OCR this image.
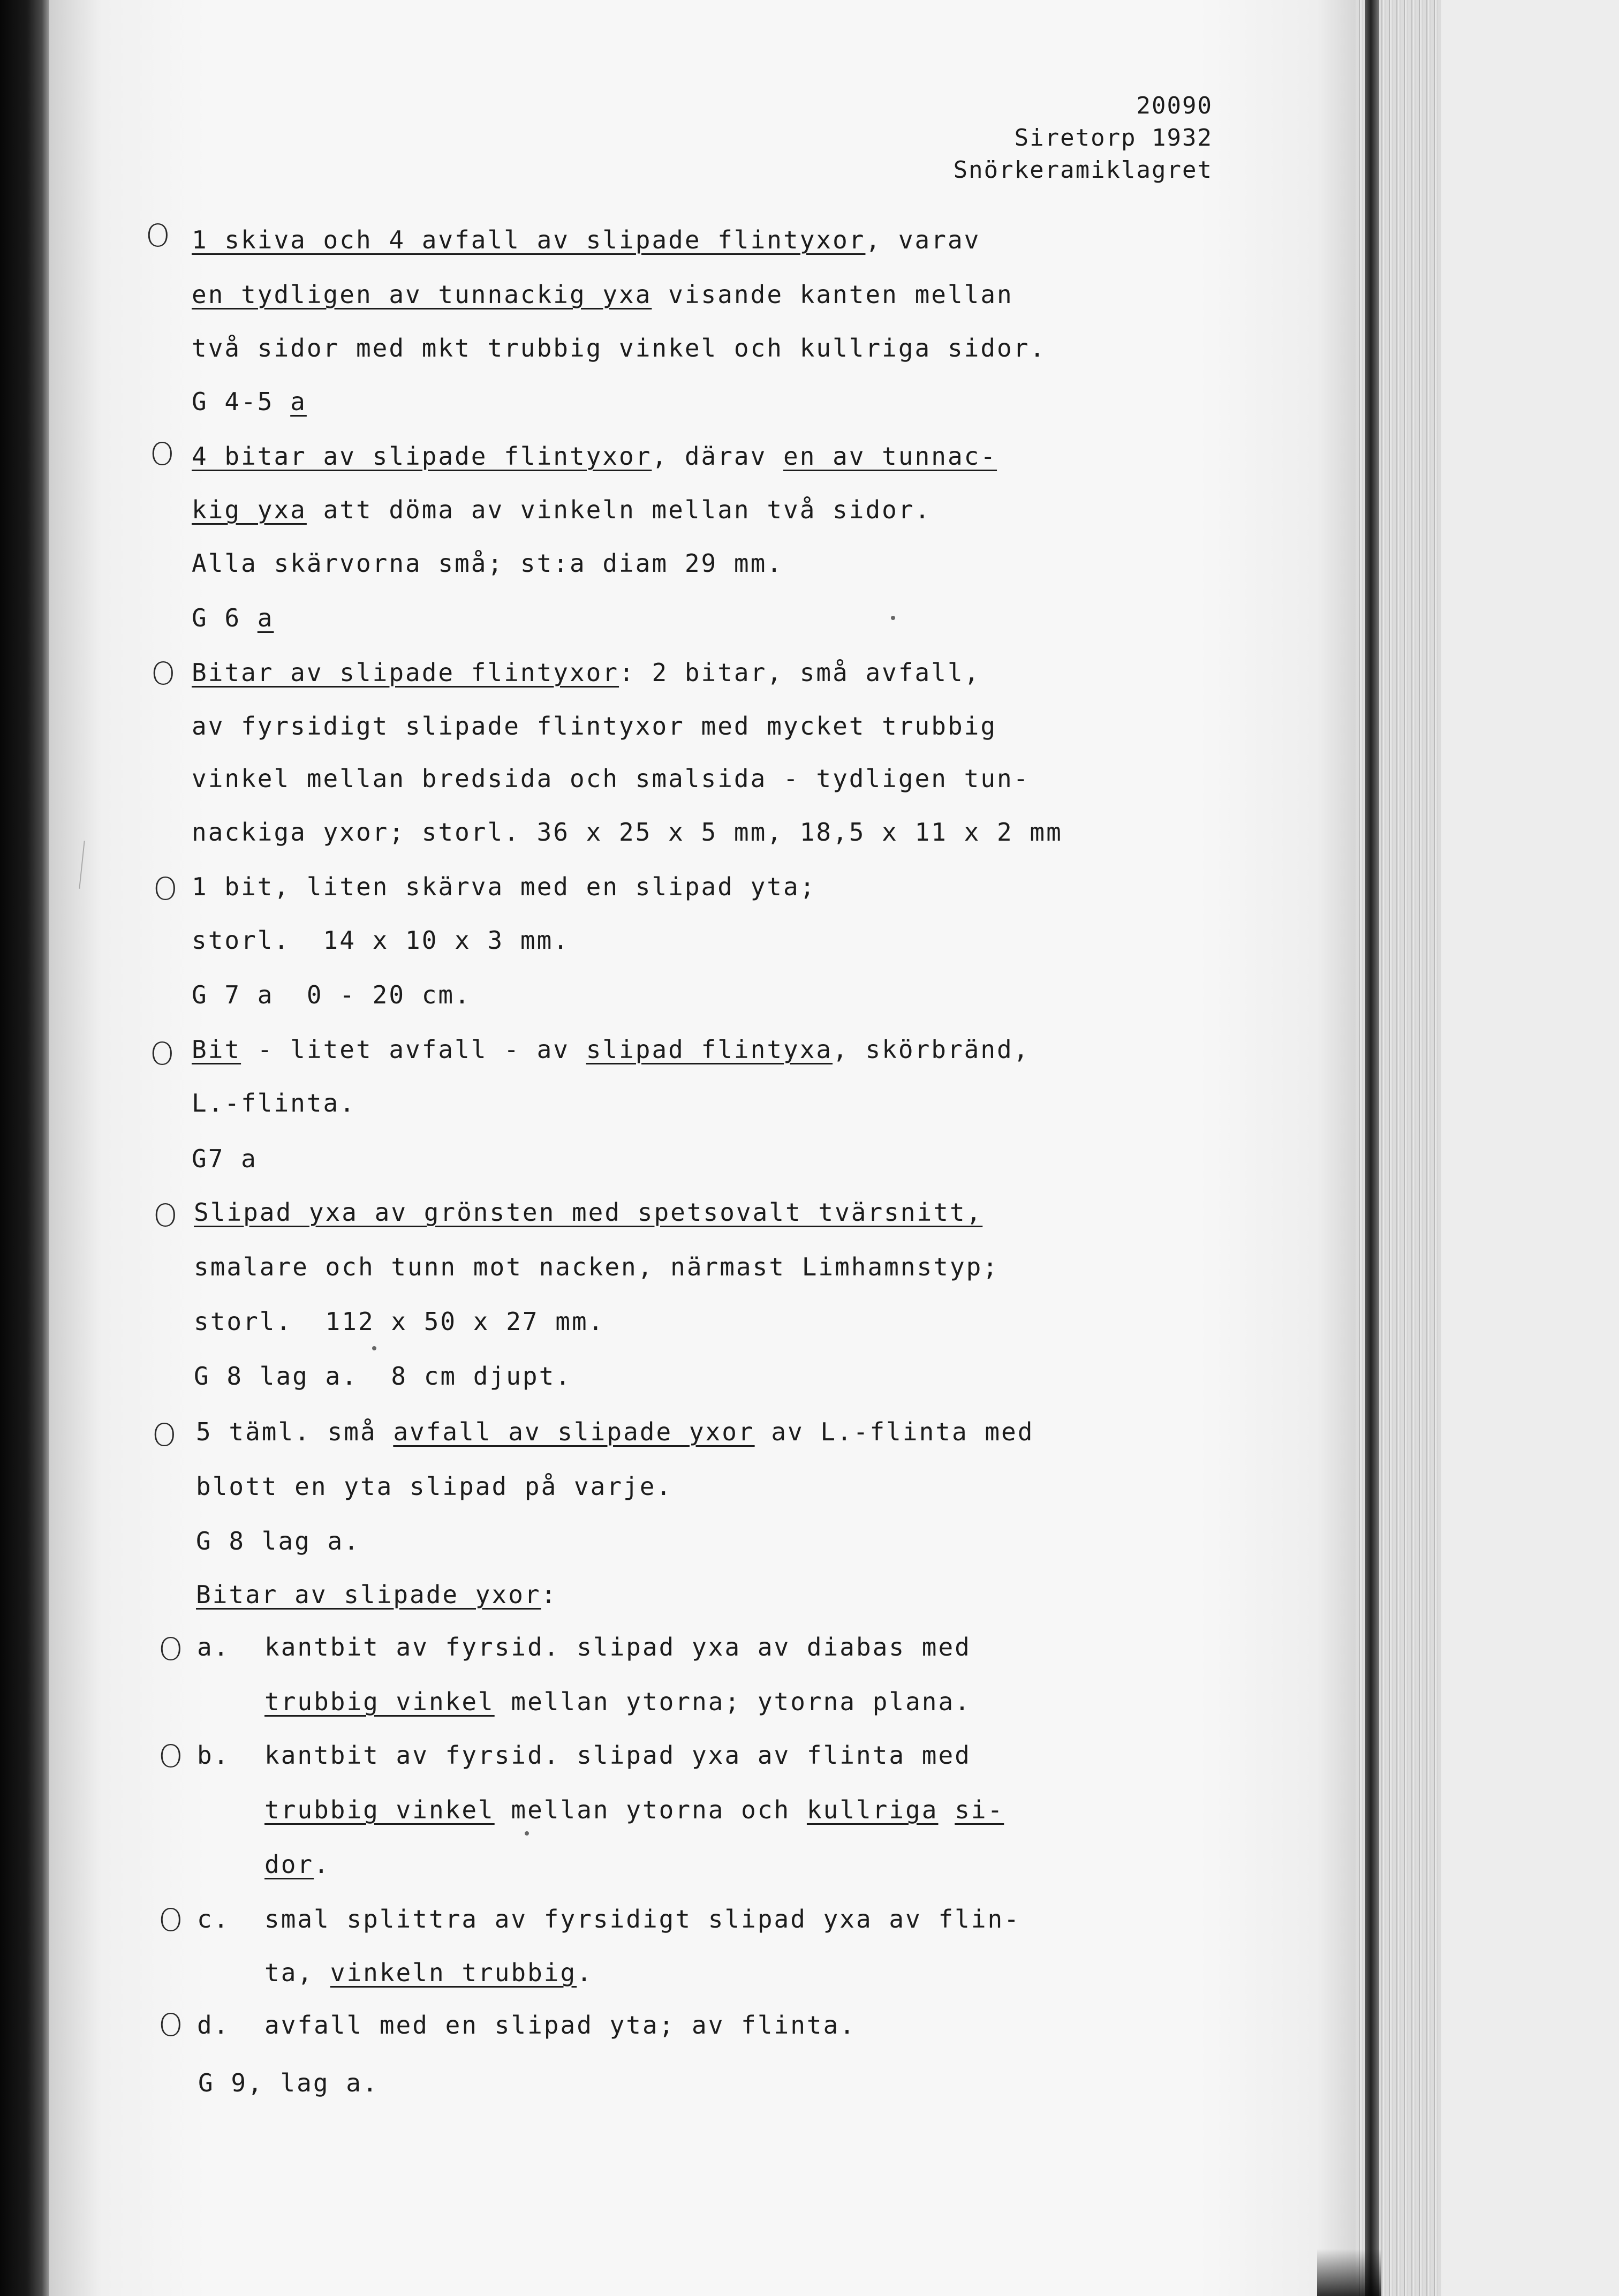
20090
Siretorp 1932
Snörkeramiklagret
O 1 skiva och 4 avfall av slipade flintyxor, varav
en tydligen av tunnackig yxa visande kanten mellan
två sidor med mkt trubbig vinkel och kullriga sidor.
G 4-5 a
O 4 bitar av slipade flintyxor, därav en av tunnac-
kig yxa att döma av vinkeln mellan två sidor.
Alla skärvorna små; st:a diam 29 mm.
G 6 a
O Bitar av slipade flintyxor: 2 bitar, små avfall,
av fyrsidigt slipade flintyxor med mycket trubbig
vinkel mellan bredsida och smalsida - tydligen tun-
nackiga yxor; storl. 36 x 25 x 5 mm, 18,5 x 11 x 2 mm
O 1 bit, liten skärva med en slipad yta;
storl.  14 x 10 x 3 mm.
G 7 a  0 - 20 cm.
O Bit - litet avfall - av slipad flintyxa, skörbränd,
L.-flinta.
G7 a
O Slipad yxa av grönsten med spetsovalt tvärsnitt,
smalare och tunn mot nacken, närmast Limhamnstyp;
storl.  112 x 50 x 27 mm.
G 8 lag a.  8 cm djupt.
O 5 täml. små avfall av slipade yxor av L.-flinta med
blott en yta slipad på varje.
G 8 lag a.
Bitar av slipade yxor:
O a. kantbit av fyrsid. slipad yxa av diabas med
trubbig vinkel mellan ytorna; ytorna plana.
O b. kantbit av fyrsid. slipad yxa av flinta med
trubbig vinkel mellan ytorna och kullriga si-
dor.
O c. smal splittra av fyrsidigt slipad yxa av flin-
ta, vinkeln trubbig.
O d. avfall med en slipad yta; av flinta.
G 9, lag a.
